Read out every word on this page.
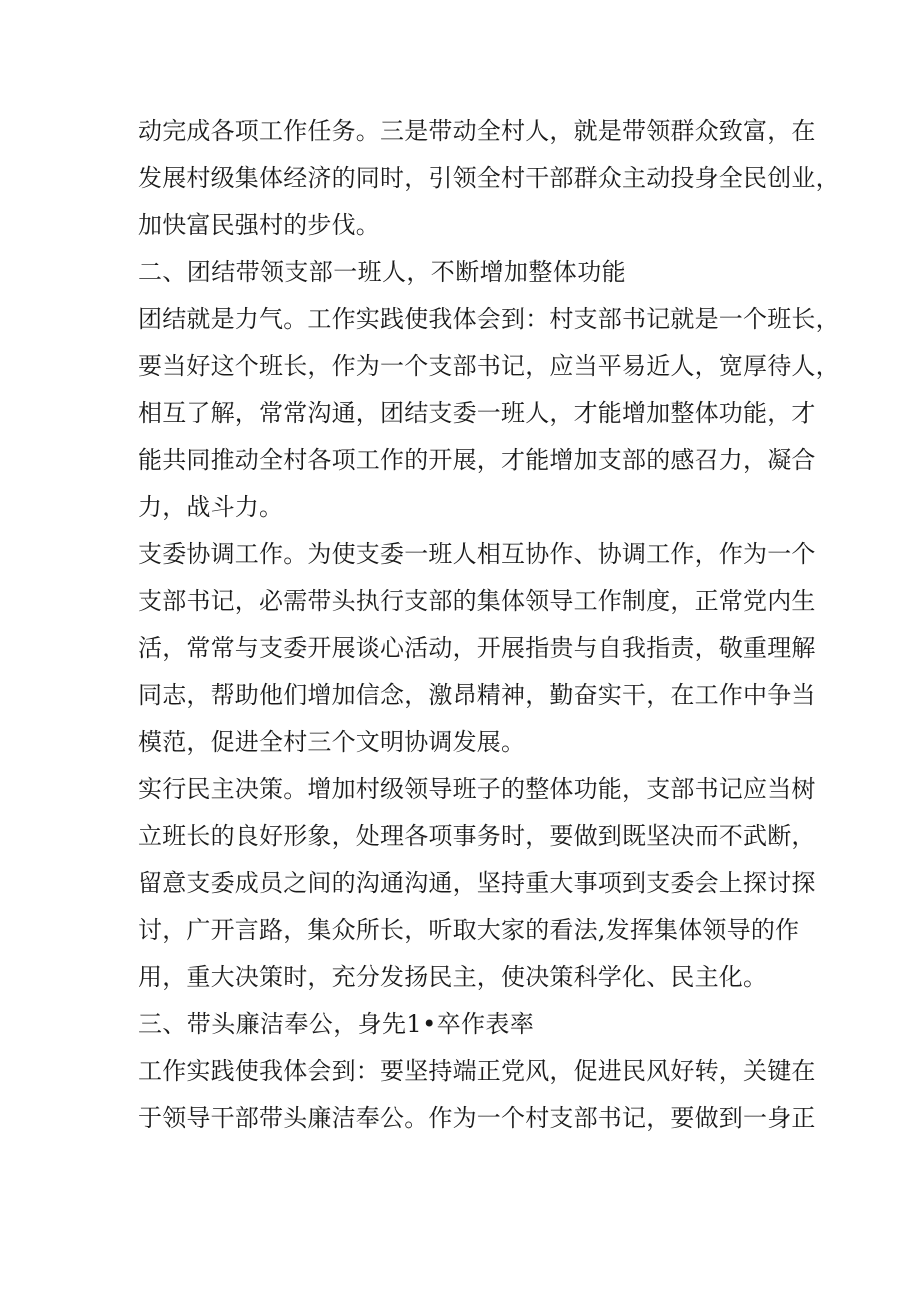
动完成各项工作任务。三是带动全村人，就是带领群众致富，在
发展村级集体经济的同时，引领全村干部群众主动投身全民创业，
加快富民强村的步伐。
二、团结带领支部一班人，不断增加整体功能
团结就是力气。工作实践使我体会到：村支部书记就是一个班长，
要当好这个班长，作为一个支部书记，应当平易近人，宽厚待人，
相互了解，常常沟通，团结支委一班人，才能增加整体功能，才
能共同推动全村各项工作的开展，才能增加支部的感召力，凝合
力，战斗力。
支委协调工作。为使支委一班人相互协作、协调工作，作为一个
支部书记，必需带头执行支部的集体领导工作制度，正常党内生
活，常常与支委开展谈心活动，开展指贵与自我指责，敬重理解
同志，帮助他们增加信念，激昂精神，勤奋实干，在工作中争当
模范，促进全村三个文明协调发展。
实行民主决策。增加村级领导班子的整体功能，支部书记应当树
立班长的良好形象，处理各项事务时，要做到既坚决而不武断，
留意支委成员之间的沟通沟通，坚持重大事项到支委会上探讨探
讨，广开言路，集众所长，听取大家的看法,发挥集体领导的作
用，重大决策时，充分发扬民主，使决策科学化、民主化。
三、带头廉洁奉公，身先1•卒作表率
工作实践使我体会到：要坚持端正党风，促进民风好转，关键在
于领导干部带头廉洁奉公。作为一个村支部书记，要做到一身正
